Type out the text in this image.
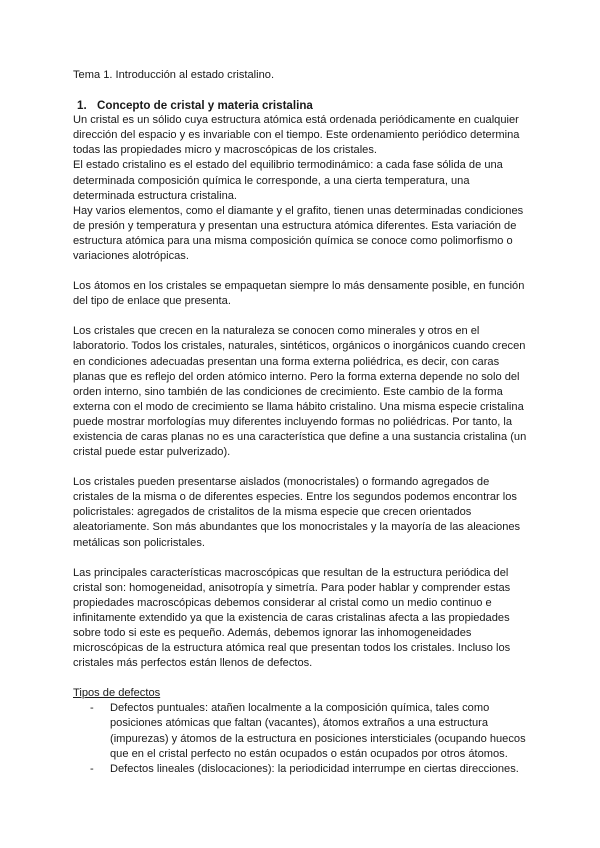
Tema 1. Introducción al estado cristalino.

1. Concepto de cristal y materia cristalina

Un cristal es un sólido cuya estructura atómica está ordenada periódicamente en cualquier dirección del espacio y es invariable con el tiempo. Este ordenamiento periódico determina todas las propiedades micro y macroscópicas de los cristales.

El estado cristalino es el estado del equilibrio termodinámico: a cada fase sólida de una determinada composición química le corresponde, a una cierta temperatura, una determinada estructura cristalina.

Hay varios elementos, como el diamante y el grafito, tienen unas determinadas condiciones de presión y temperatura y presentan una estructura atómica diferentes. Esta variación de estructura atómica para una misma composición química se conoce como polimorfismo o variaciones alotrópicas.

Los átomos en los cristales se empaquetan siempre lo más densamente posible, en función del tipo de enlace que presenta.

Los cristales que crecen en la naturaleza se conocen como minerales y otros en el laboratorio. Todos los cristales, naturales, sintéticos, orgánicos o inorgánicos cuando crecen en condiciones adecuadas presentan una forma externa poliédrica, es decir, con caras planas que es reflejo del orden atómico interno. Pero la forma externa depende no solo del orden interno, sino también de las condiciones de crecimiento. Este cambio de la forma externa con el modo de crecimiento se llama hábito cristalino. Una misma especie cristalina puede mostrar morfologías muy diferentes incluyendo formas no poliédricas. Por tanto, la existencia de caras planas no es una característica que define a una sustancia cristalina (un cristal puede estar pulverizado).

Los cristales pueden presentarse aislados (monocristales) o formando agregados de cristales de la misma o de diferentes especies. Entre los segundos podemos encontrar los policristales: agregados de cristalitos de la misma especie que crecen orientados aleatoriamente. Son más abundantes que los monocristales y la mayoría de las aleaciones metálicas son policristales.

Las principales características macroscópicas que resultan de la estructura periódica del cristal son: homogeneidad, anisotropía y simetría. Para poder hablar y comprender estas propiedades macroscópicas debemos considerar al cristal como un medio continuo e infinitamente extendido ya que la existencia de caras cristalinas afecta a las propiedades sobre todo si este es pequeño. Además, debemos ignorar las inhomogeneidades microscópicas de la estructura atómica real que presentan todos los cristales. Incluso los cristales más perfectos están llenos de defectos.

Tipos de defectos

-	Defectos puntuales: atañen localmente a la composición química, tales como posiciones atómicas que faltan (vacantes), átomos extraños a una estructura (impurezas) y átomos de la estructura en posiciones intersticiales (ocupando huecos que en el cristal perfecto no están ocupados o están ocupados por otros átomos.
-	Defectos lineales (dislocaciones): la periodicidad interrumpe en ciertas direcciones.
